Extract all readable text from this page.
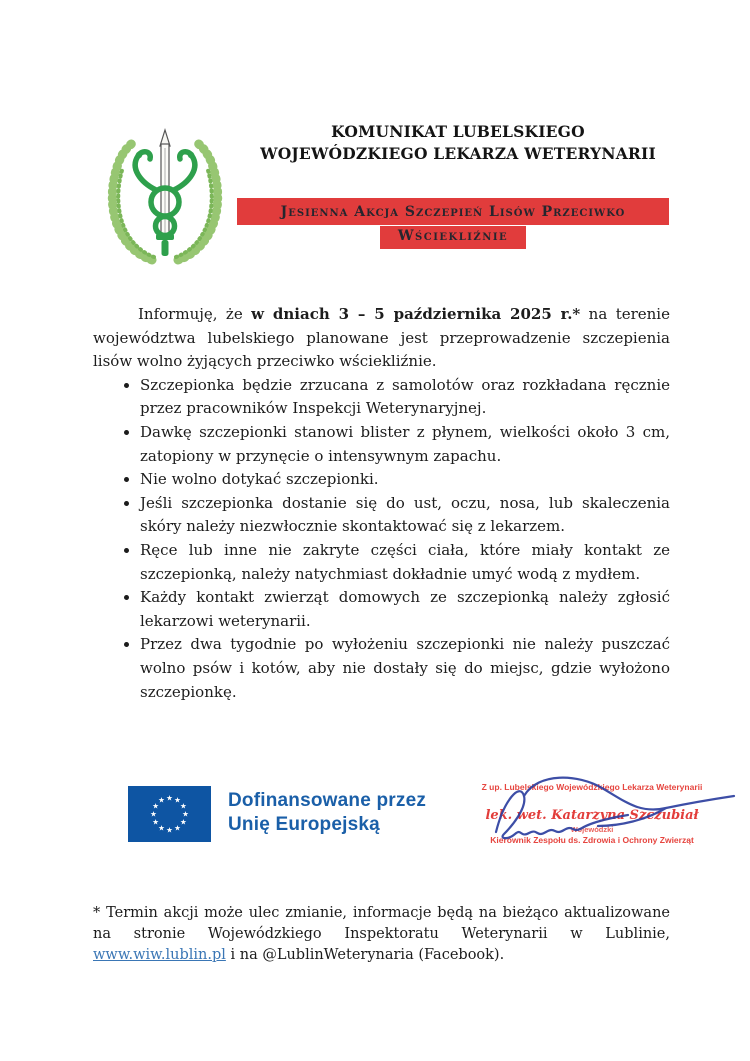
KOMUNIKAT LUBELSKIEGO
WOJEWÓDZKIEGO LEKARZA WETERYNARII
Jesienna Akcja Szczepień Lisów Przeciwko
Wściekliźnie

Informuję, że w dniach 3 – 5 października 2025 r.* na terenie województwa lubelskiego planowane jest przeprowadzenie szczepienia lisów wolno żyjących przeciwko wściekliźnie.

• Szczepionka będzie zrzucana z samolotów oraz rozkładana ręcznie przez pracowników Inspekcji Weterynaryjnej.
• Dawkę szczepionki stanowi blister z płynem, wielkości około 3 cm, zatopiony w przynęcie o intensywnym zapachu.
• Nie wolno dotykać szczepionki.
• Jeśli szczepionka dostanie się do ust, oczu, nosa, lub skaleczenia skóry należy niezwłocznie skontaktować się z lekarzem.
• Ręce lub inne nie zakryte części ciała, które miały kontakt ze szczepionką, należy natychmiast dokładnie umyć wodą z mydłem.
• Każdy kontakt zwierząt domowych ze szczepionką należy zgłosić lekarzowi weterynarii.
• Przez dwa tygodnie po wyłożeniu szczepionki nie należy puszczać wolno psów i kotów, aby nie dostały się do miejsc, gdzie wyłożono szczepionkę.
★ ★
★
★
★
★
★
★
★
★
★
★	Dofinansowane przez
Unię Europejską
Z up. Lubelskiego Wojewódzkiego Lekarza Weterynarii
lek. wet. Katarzyna Szczubiał
Wojewódzki
Kierownik Zespołu ds. Zdrowia i Ochrony Zwierząt
* Termin akcji może ulec zmianie, informacje będą na bieżąco aktualizowane na stronie Wojewódzkiego Inspektoratu Weterynarii w Lublinie, www.wiw.lublin.pl i na @LublinWeterynaria (Facebook).
